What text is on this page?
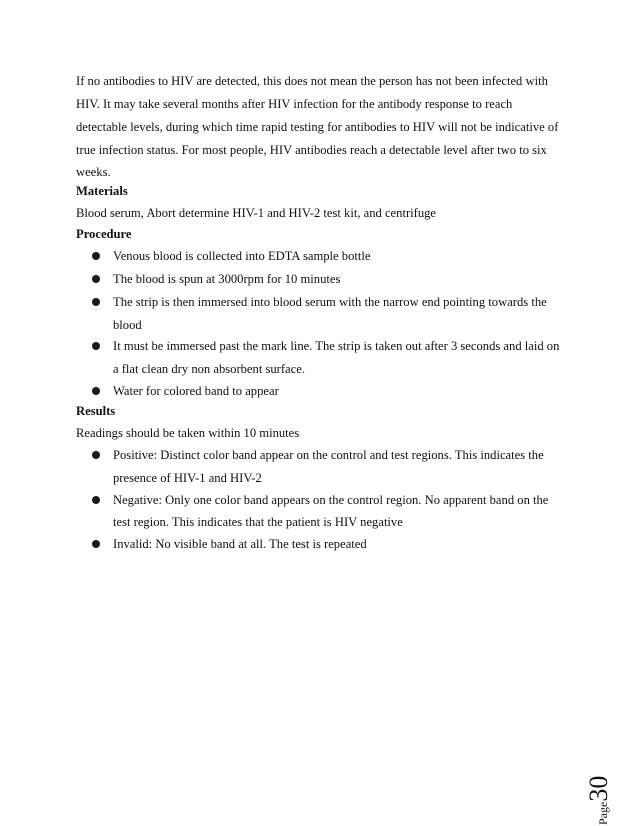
If no antibodies to HIV are detected, this does not mean the person has not been infected with
HIV. It may take several months after HIV infection for the antibody response to reach
detectable levels, during which time rapid testing for antibodies to HIV will not be indicative of
true infection status. For most people, HIV antibodies reach a detectable level after two to six
weeks.
Materials
Blood serum, Abort determine HIV-1 and HIV-2 test kit, and centrifuge
Procedure
Venous blood is collected into EDTA sample bottle
The blood is spun at 3000rpm for 10 minutes
The strip is then immersed into blood serum with the narrow end pointing towards the
blood
It must be immersed past the mark line. The strip is taken out after 3 seconds and laid on
a flat clean dry non absorbent surface.
Water for colored band to appear
Results
Readings should be taken within 10 minutes
Positive: Distinct color band appear on the control and test regions. This indicates the
presence of HIV-1 and HIV-2
Negative: Only one color band appears on the control region. No apparent band on the
test region. This indicates that the patient is HIV negative
Invalid: No visible band at all. The test is repeated
Page30
